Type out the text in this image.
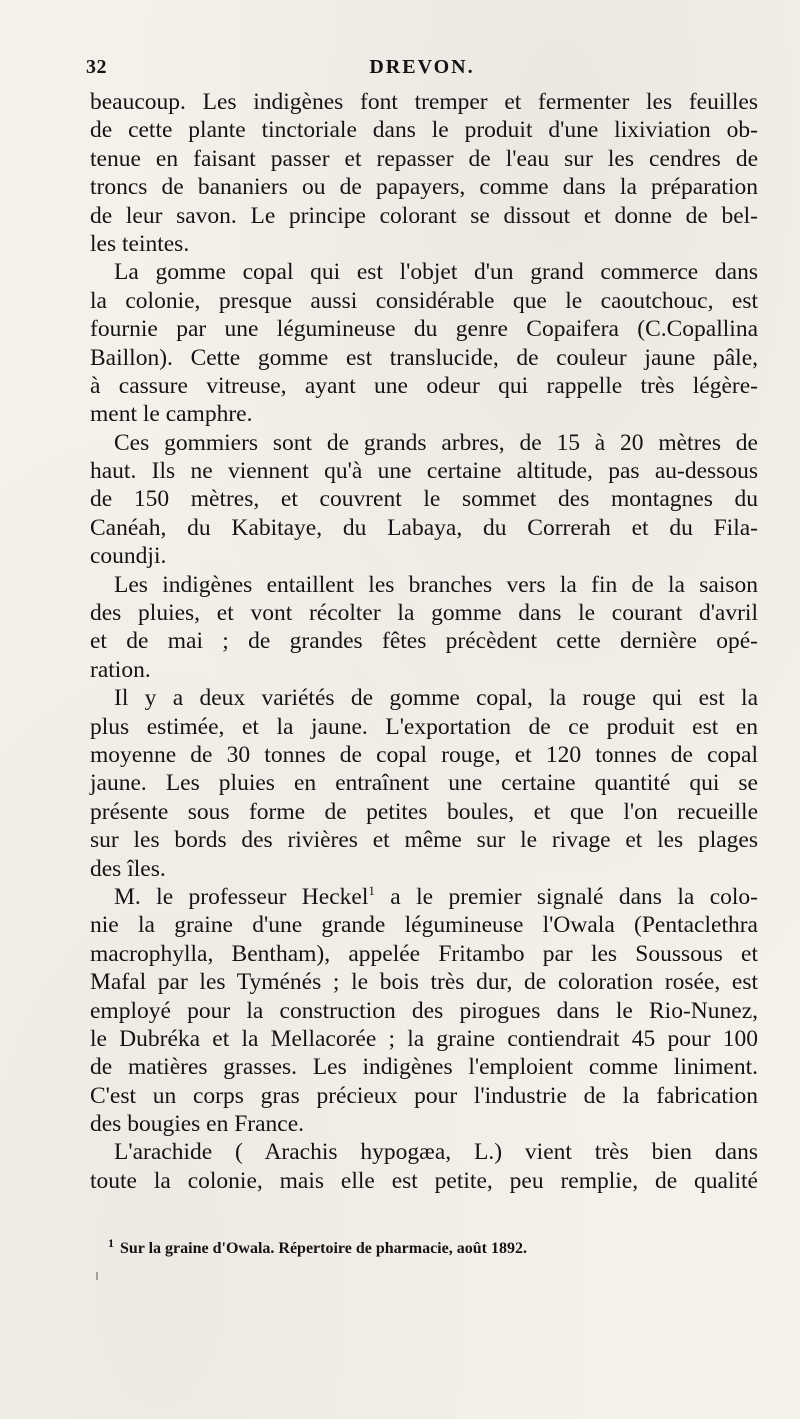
32	DREVON.
beaucoup. Les indigènes font tremper et fermenter les feuilles
de cette plante tinctoriale dans le produit d'une lixiviation ob-
tenue en faisant passer et repasser de l'eau sur les cendres de
troncs de bananiers ou de papayers, comme dans la préparation
de leur savon. Le principe colorant se dissout et donne de bel-
les teintes.
La gomme copal qui est l'objet d'un grand commerce dans
la colonie, presque aussi considérable que le caoutchouc, est
fournie par une légumineuse du genre Copaifera (C.Copallina
Baillon). Cette gomme est translucide, de couleur jaune pâle,
à cassure vitreuse, ayant une odeur qui rappelle très légère-
ment le camphre.
Ces gommiers sont de grands arbres, de 15 à 20 mètres de
haut. Ils ne viennent qu'à une certaine altitude, pas au-dessous
de 150 mètres, et couvrent le sommet des montagnes du
Canéah, du Kabitaye, du Labaya, du Correrah et du Fila-
coundji.
Les indigènes entaillent les branches vers la fin de la saison
des pluies, et vont récolter la gomme dans le courant d'avril
et de mai ; de grandes fêtes précèdent cette dernière opé-
ration.
Il y a deux variétés de gomme copal, la rouge qui est la
plus estimée, et la jaune. L'exportation de ce produit est en
moyenne de 30 tonnes de copal rouge, et 120 tonnes de copal
jaune. Les pluies en entraînent une certaine quantité qui se
présente sous forme de petites boules, et que l'on recueille
sur les bords des rivières et même sur le rivage et les plages
des îles.
M. le professeur Heckel$^1$ a le premier signalé dans la colo-
nie la graine d'une grande légumineuse l'Owala (Pentaclethra
macrophylla, Bentham), appelée Fritambo par les Soussous et
Mafal par les Tyménés ; le bois très dur, de coloration rosée, est
employé pour la construction des pirogues dans le Rio-Nunez,
le Dubréka et la Mellacorée ; la graine contiendrait 45 pour 100
de matières grasses. Les indigènes l'emploient comme liniment.
C'est un corps gras précieux pour l'industrie de la fabrication
des bougies en France.
L'arachide ( Arachis hypogæa, L.) vient très bien dans
toute la colonie, mais elle est petite, peu remplie, de qualité
$^1$ Sur la graine d'Owala. Répertoire de pharmacie, août 1892.
